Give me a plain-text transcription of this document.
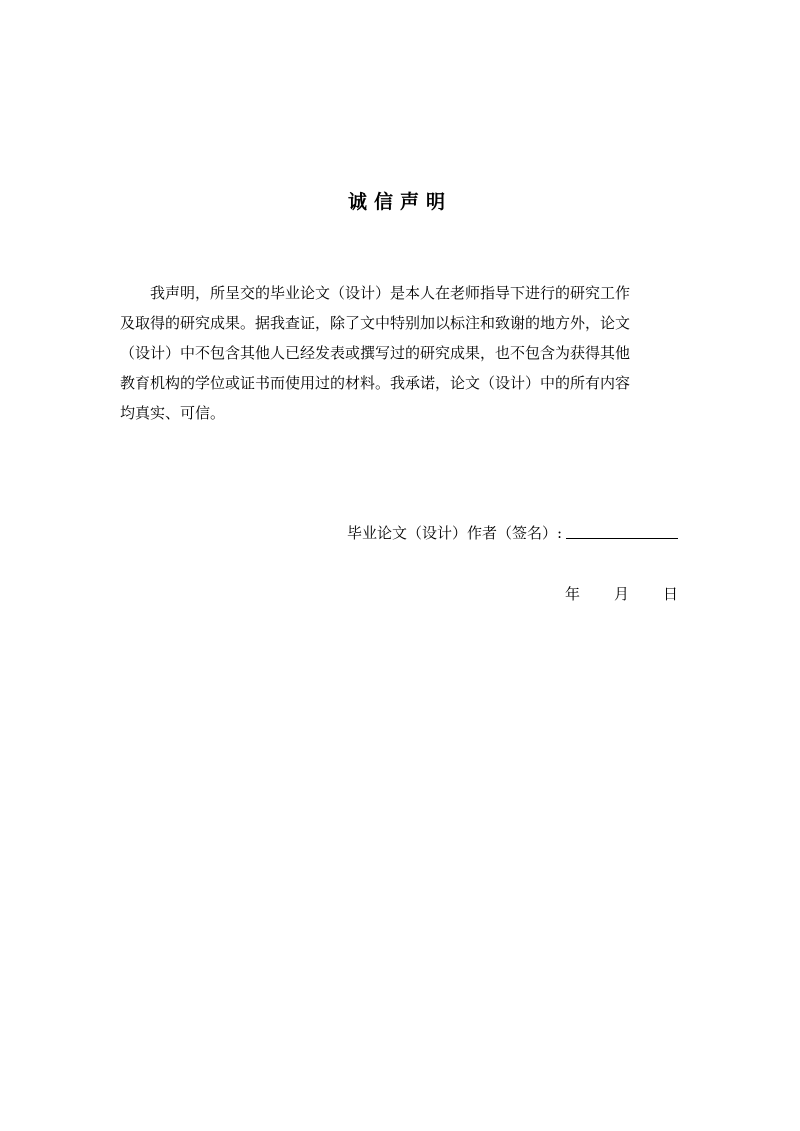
诚信声明
我声明，所呈交的毕业论文（设计）是本人在老师指导下进行的研究工作
及取得的研究成果。据我查证，除了文中特别加以标注和致谢的地方外，论文
（设计）中不包含其他人已经发表或撰写过的研究成果，也不包含为获得其他
教育机构的学位或证书而使用过的材料。我承诺，论文（设计）中的所有内容
均真实、可信。
毕业论文（设计）作者（签名）:
年 月 日
